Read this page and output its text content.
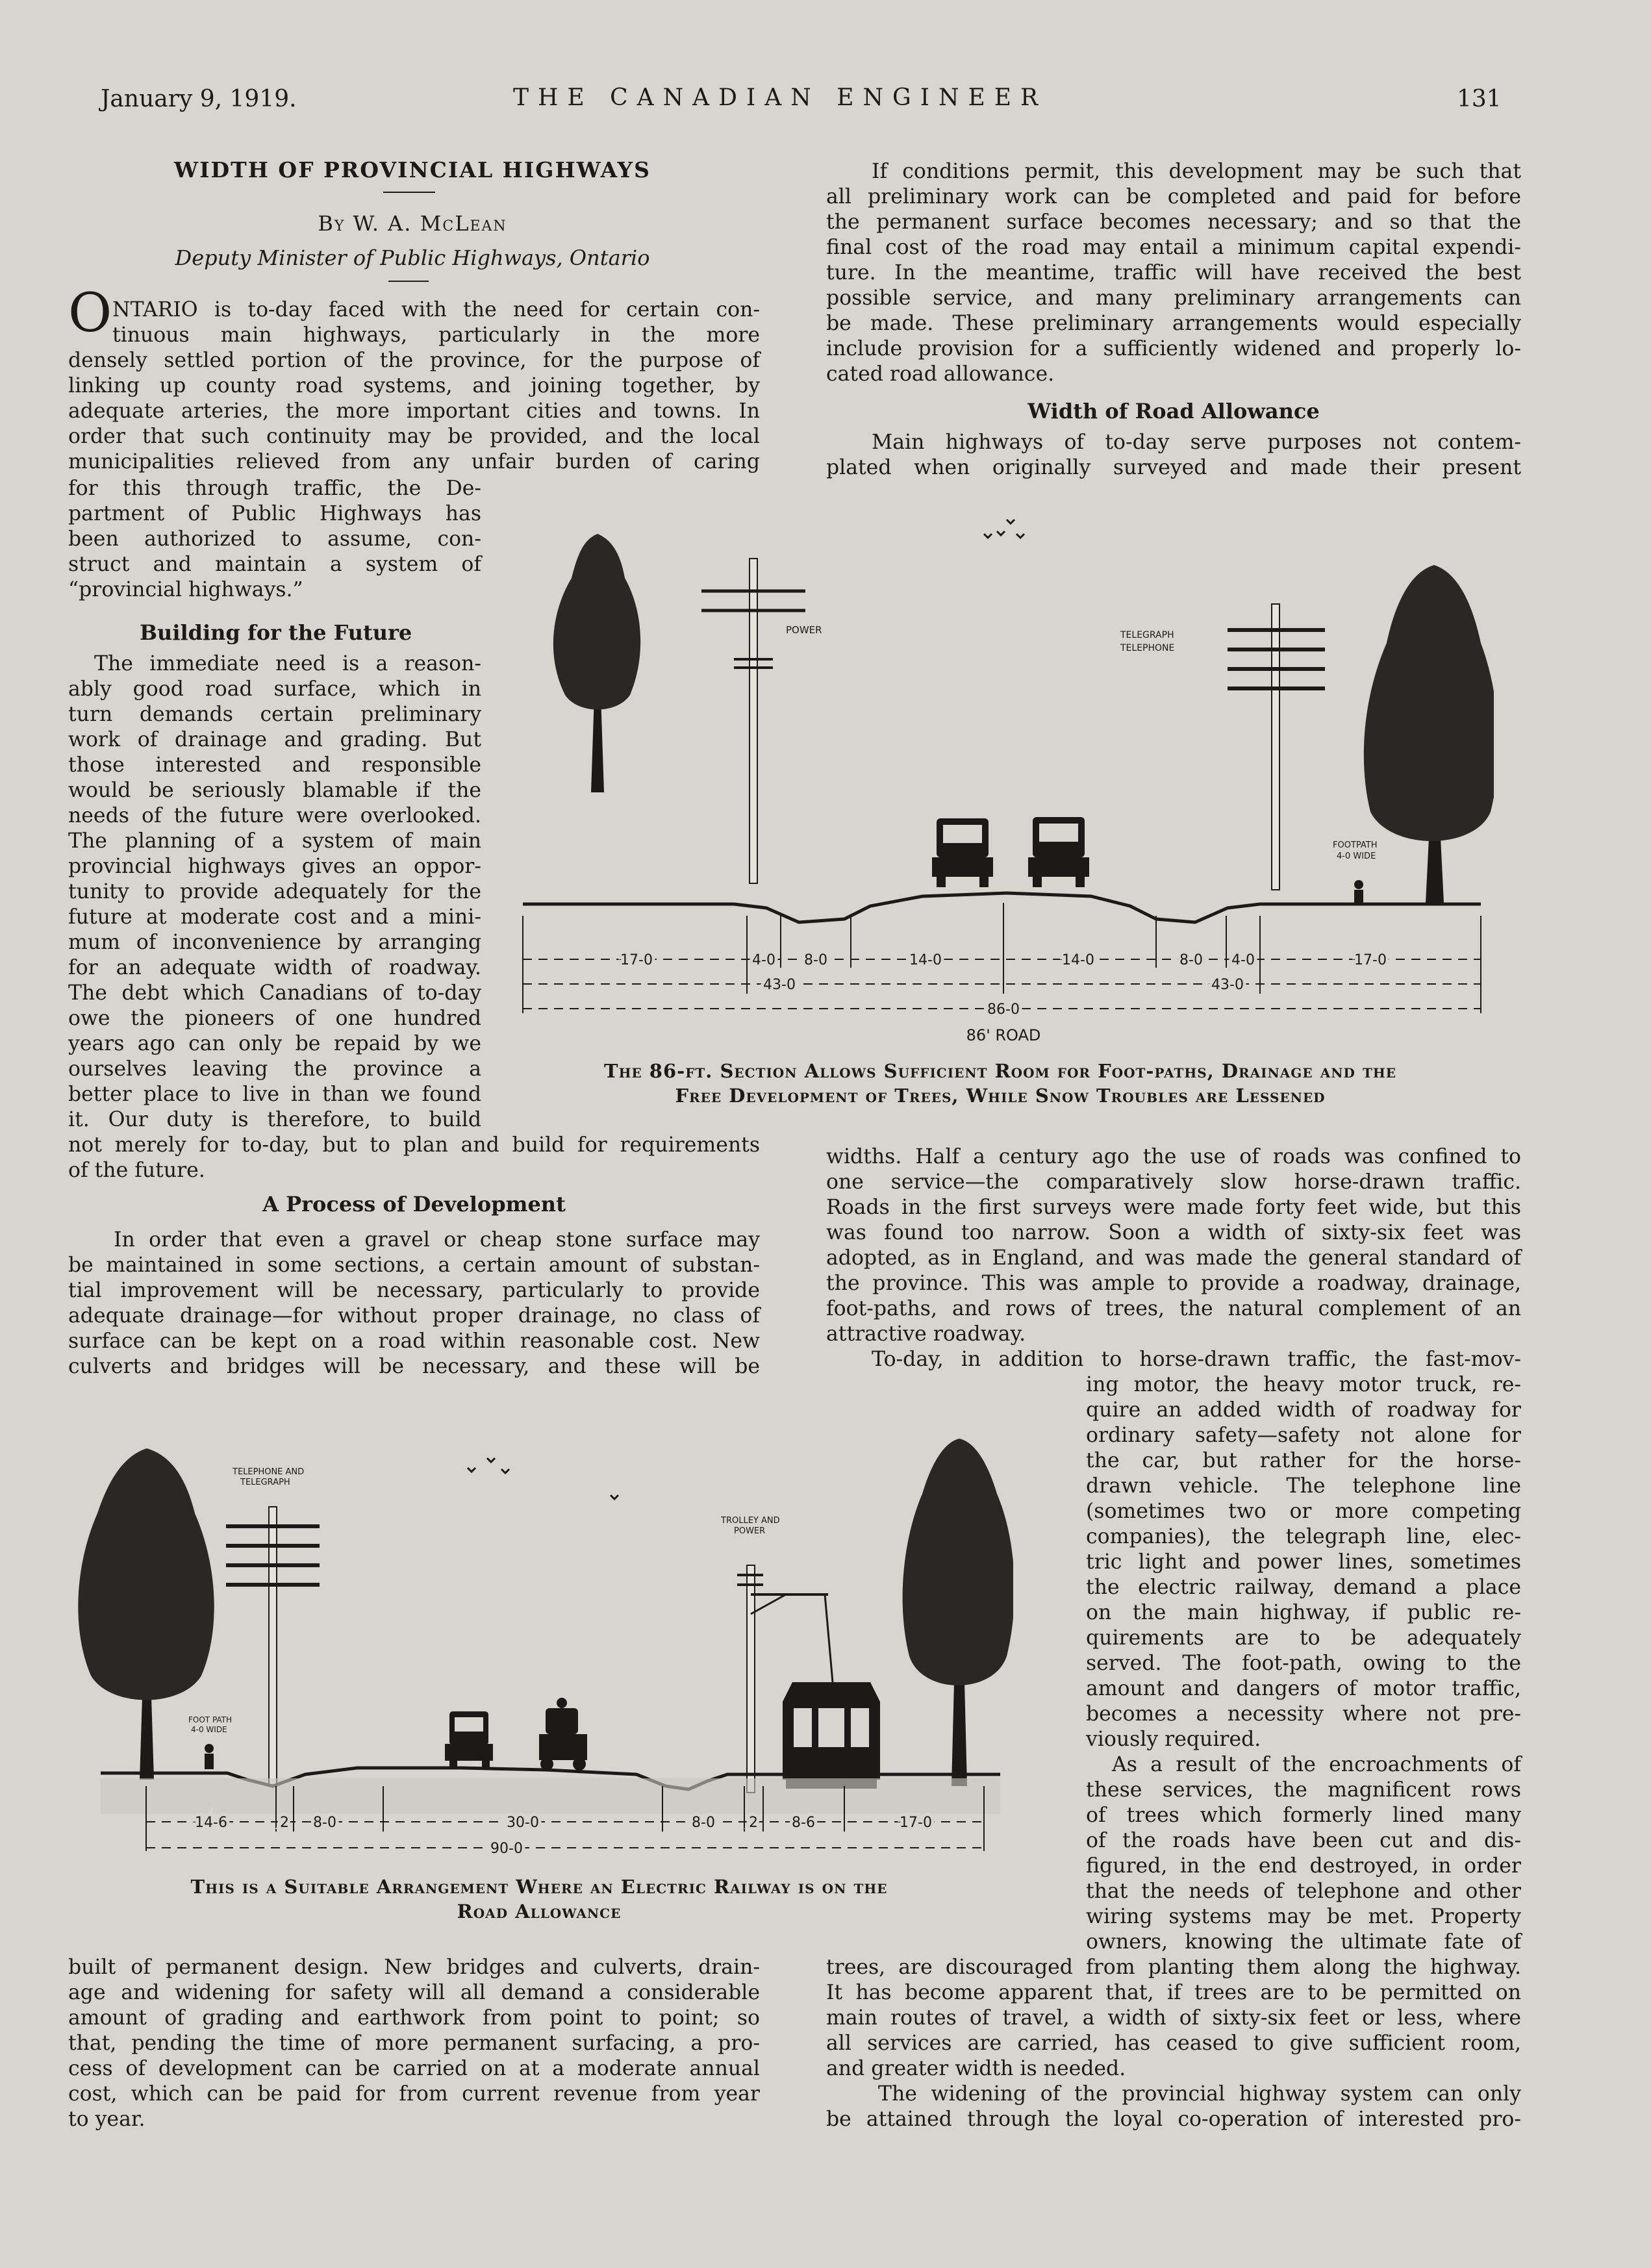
January 9, 1919.	THE CANADIAN ENGINEER	131
WIDTH OF PROVINCIAL HIGHWAYS
By W. A. McLean
Deputy Minister of Public Highways, Ontario
O NTARIO is to-day faced with the need for certain con-
tinuous main highways, particularly in the more
densely settled portion of the province, for the purpose of
linking up county road systems, and joining together, by
adequate arteries, the more important cities and towns. In
order that such continuity may be provided, and the local
municipalities relieved from any unfair burden of caring
for this through traffic, the De-
partment of Public Highways has
been authorized to assume, con-
struct and maintain a system of
“provincial highways.”
Building for the Future
The immediate need is a reason-
ably good road surface, which in
turn demands certain preliminary
work of drainage and grading. But
those interested and responsible
would be seriously blamable if the
needs of the future were overlooked.
The planning of a system of main
provincial highways gives an oppor-
tunity to provide adequately for the
future at moderate cost and a mini-
mum of inconvenience by arranging
for an adequate width of roadway.
The debt which Canadians of to-day
owe the pioneers of one hundred
years ago can only be repaid by we
ourselves leaving the province a
better place to live in than we found
it. Our duty is therefore, to build
not merely for to-day, but to plan and build for requirements
of the future.
A Process of Development
In order that even a gravel or cheap stone surface may
be maintained in some sections, a certain amount of substan-
tial improvement will be necessary, particularly to provide
adequate drainage—for without proper drainage, no class of
surface can be kept on a road within reasonable cost. New
culverts and bridges will be necessary, and these will be
If conditions permit, this development may be such that
all preliminary work can be completed and paid for before
the permanent surface becomes necessary; and so that the
final cost of the road may entail a minimum capital expendi-
ture. In the meantime, traffic will have received the best
possible service, and many preliminary arrangements can
be made. These preliminary arrangements would especially
include provision for a sufficiently widened and properly lo-
cated road allowance.
Width of Road Allowance
Main highways of to-day serve purposes not contem-
plated when originally surveyed and made their present
POWER	TELEGRAPH
TELEPHONE
FOOTPATH
4-0 WIDE
17-0	4-0 8-0	14-0	14-0	8-0 4-0	17-0
43-0	43-0
86-0
86' ROAD
The 86-ft. Section Allows Sufficient Room for Foot-paths, Drainage and the
Free Development of Trees, While Snow Troubles are Lessened
widths. Half a century ago the use of roads was confined to
one service—the comparatively slow horse-drawn traffic.
Roads in the first surveys were made forty feet wide, but this
was found too narrow. Soon a width of sixty-six feet was
adopted, as in England, and was made the general standard of
the province. This was ample to provide a roadway, drainage,
foot-paths, and rows of trees, the natural complement of an
attractive roadway.
To-day, in addition to horse-drawn traffic, the fast-mov-
ing motor, the heavy motor truck, re-
quire an added width of roadway for
ordinary safety—safety not alone for
the car, but rather for the horse-
drawn vehicle. The telephone line
(sometimes two or more competing
companies), the telegraph line, elec-
tric light and power lines, sometimes
the electric railway, demand a place
on the main highway, if public re-
quirements are to be adequately
served. The foot-path, owing to the
amount and dangers of motor traffic,
becomes a necessity where not pre-
viously required.
As a result of the encroachments of
these services, the magnificent rows
of trees which formerly lined many
of the roads have been cut and dis-
figured, in the end destroyed, in order
that the needs of telephone and other
wiring systems may be met. Property
owners, knowing the ultimate fate of
TELEPHONE AND
TELEGRAPH
FOOT PATH
4-0 WIDE
TROLLEY AND
POWER
14-6	2 8-0	30-0	8-0 2 8-6	17-0
90-0
This is a Suitable Arrangement Where an Electric Railway is on the
Road Allowance
built of permanent design. New bridges and culverts, drain-
age and widening for safety will all demand a considerable
amount of grading and earthwork from point to point; so
that, pending the time of more permanent surfacing, a pro-
cess of development can be carried on at a moderate annual
cost, which can be paid for from current revenue from year
to year.
trees, are discouraged from planting them along the highway.
It has become apparent that, if trees are to be permitted on
main routes of travel, a width of sixty-six feet or less, where
all services are carried, has ceased to give sufficient room,
and greater width is needed.
The widening of the provincial highway system can only
be attained through the loyal co-operation of interested pro-
